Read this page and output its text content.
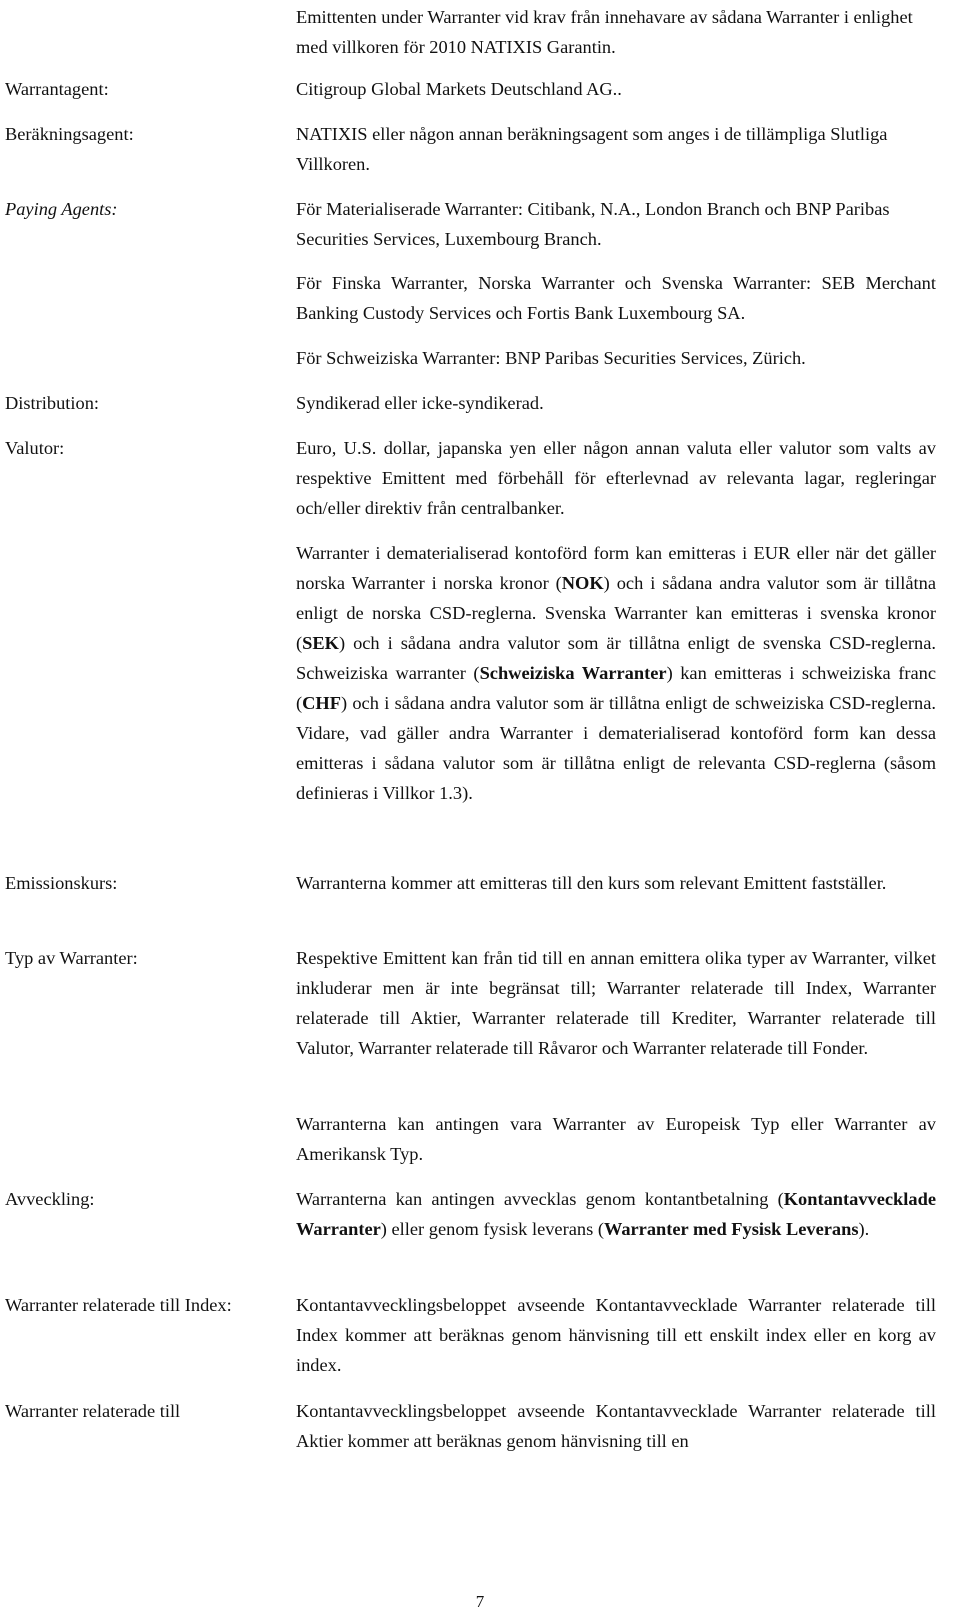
Emittenten under Warranter vid krav från innehavare av sådana Warranter i enlighet med villkoren för 2010 NATIXIS Garantin.
Warrantagent:	Citigroup Global Markets Deutschland AG..
Beräkningsagent:	NATIXIS eller någon annan beräkningsagent som anges i de tillämpliga Slutliga Villkoren.
Paying Agents:	För Materialiserade Warranter: Citibank, N.A., London Branch och BNP Paribas Securities Services, Luxembourg Branch.
För Finska Warranter, Norska Warranter och Svenska Warranter: SEB Merchant Banking Custody Services och Fortis Bank Luxembourg SA.
För Schweiziska Warranter: BNP Paribas Securities Services, Zürich.
Distribution:	Syndikerad eller icke-syndikerad.
Valutor:	Euro, U.S. dollar, japanska yen eller någon annan valuta eller valutor som valts av respektive Emittent med förbehåll för efterlevnad av relevanta lagar, regleringar och/eller direktiv från centralbanker.
Warranter i dematerialiserad kontoförd form kan emitteras i EUR eller när det gäller norska Warranter i norska kronor (NOK) och i sådana andra valutor som är tillåtna enligt de norska CSD-reglerna. Svenska Warranter kan emitteras i svenska kronor (SEK) och i sådana andra valutor som är tillåtna enligt de svenska CSD-reglerna. Schweiziska warranter (Schweiziska Warranter) kan emitteras i schweiziska franc (CHF) och i sådana andra valutor som är tillåtna enligt de schweiziska CSD-reglerna. Vidare, vad gäller andra Warranter i dematerialiserad kontoförd form kan dessa emitteras i sådana valutor som är tillåtna enligt de relevanta CSD-reglerna (såsom definieras i Villkor 1.3).
Emissionskurs:	Warranterna kommer att emitteras till den kurs som relevant Emittent fastställer.
Typ av Warranter:	Respektive Emittent kan från tid till en annan emittera olika typer av Warranter, vilket inkluderar men är inte begränsat till; Warranter relaterade till Index, Warranter relaterade till Aktier, Warranter relaterade till Krediter, Warranter relaterade till Valutor, Warranter relaterade till Råvaror och Warranter relaterade till Fonder.
Warranterna kan antingen vara Warranter av Europeisk Typ eller Warranter av Amerikansk Typ.
Avveckling:	Warranterna kan antingen avvecklas genom kontantbetalning (Kontantavvecklade Warranter) eller genom fysisk leverans (Warranter med Fysisk Leverans).
Warranter relaterade till Index:	Kontantavvecklingsbeloppet avseende Kontantavvecklade Warranter relaterade till Index kommer att beräknas genom hänvisning till ett enskilt index eller en korg av index.
Warranter relaterade till	Kontantavvecklingsbeloppet avseende Kontantavvecklade Warranter relaterade till Aktier kommer att beräknas genom hänvisning till en
7
